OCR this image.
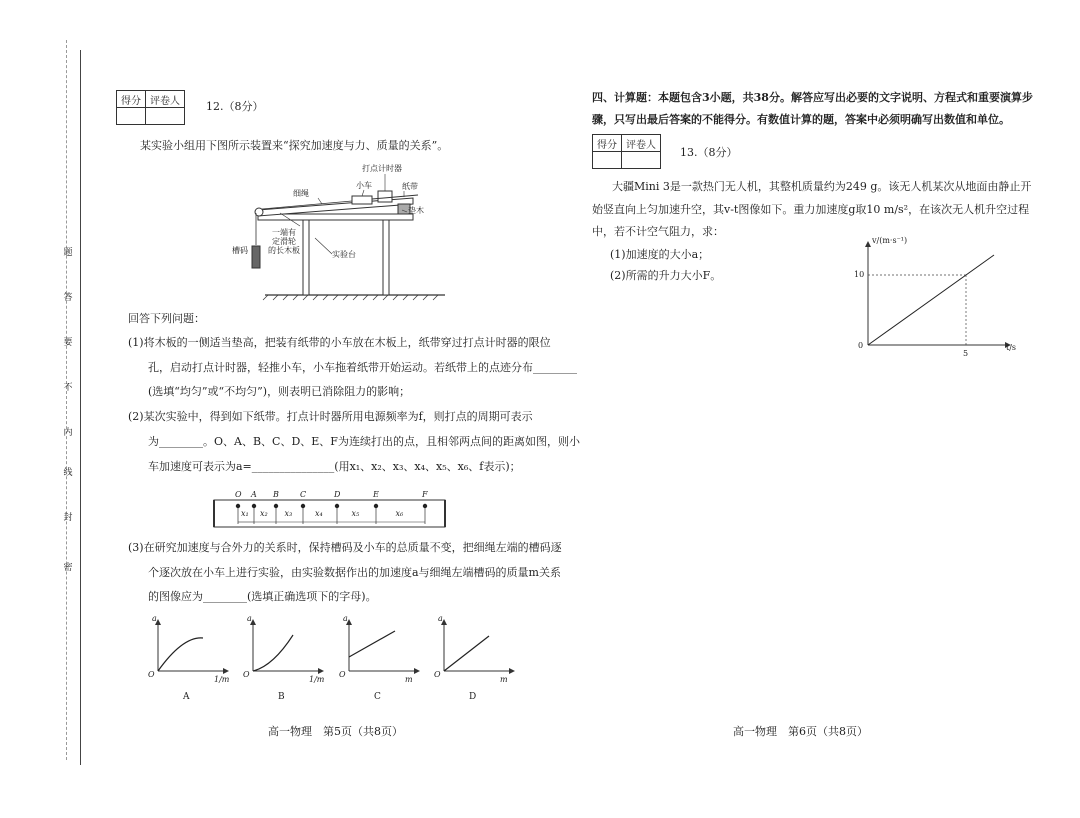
题
答
要
不
内
线
封
密
得分	评卷人
	12.（8分）
某实验小组用下图所示装置来“探究加速度与力、质量的关系”。
打点计时器
细绳
小车	纸带
垫木
一端有
定滑轮
的长木板
槽码	实验台
回答下列问题：
(1)将木板的一侧适当垫高，把装有纸带的小车放在木板上，纸带穿过打点计时器的限位
孔，启动打点计时器，轻推小车，小车拖着纸带开始运动。若纸带上的点迹分布________
(选填“均匀”或“不均匀”)，则表明已消除阻力的影响；
(2)某次实验中，得到如下纸带。打点计时器所用电源频率为f，则打点的周期可表示
为________。O、A、B、C、D、E、F为连续打出的点，且相邻两点间的距离如图，则小
车加速度可表示为a=_______________(用x₁、x₂、x₃、x₄、x₅、x₆、f表示)；
O A B	C	D	E	F
x₁ x₂ x₃	x₄	x₅	x₆
(3)在研究加速度与合外力的关系时，保持槽码及小车的总质量不变，把细绳左端的槽码逐
个逐次放在小车上进行实验，由实验数据作出的加速度a与细绳左端槽码的质量m关系
的图像应为________(选填正确选项下的字母)。
a
O
1/m
A
a
O
1/m
B
a
O
m
C
a
O
m
D
高一物理　第5页（共8页）
四、计算题：本题包含3小题，共38分。解答应写出必要的文字说明、方程式和重要演算步
骤，只写出最后答案的不能得分。有数值计算的题，答案中必须明确写出数值和单位。
得分	评卷人

13.（8分）
大疆Mini 3是一款热门无人机，其整机质量约为249 g。该无人机某次从地面由静止开
始竖直向上匀加速升空，其v-t图像如下。重力加速度g取10 m/s²，在该次无人机升空过程
中，若不计空气阻力，求：
(1)加速度的大小a；
(2)所需的升力大小F。
v/(m·s⁻¹)
t/s
0
10
5
高一物理　第6页（共8页）
